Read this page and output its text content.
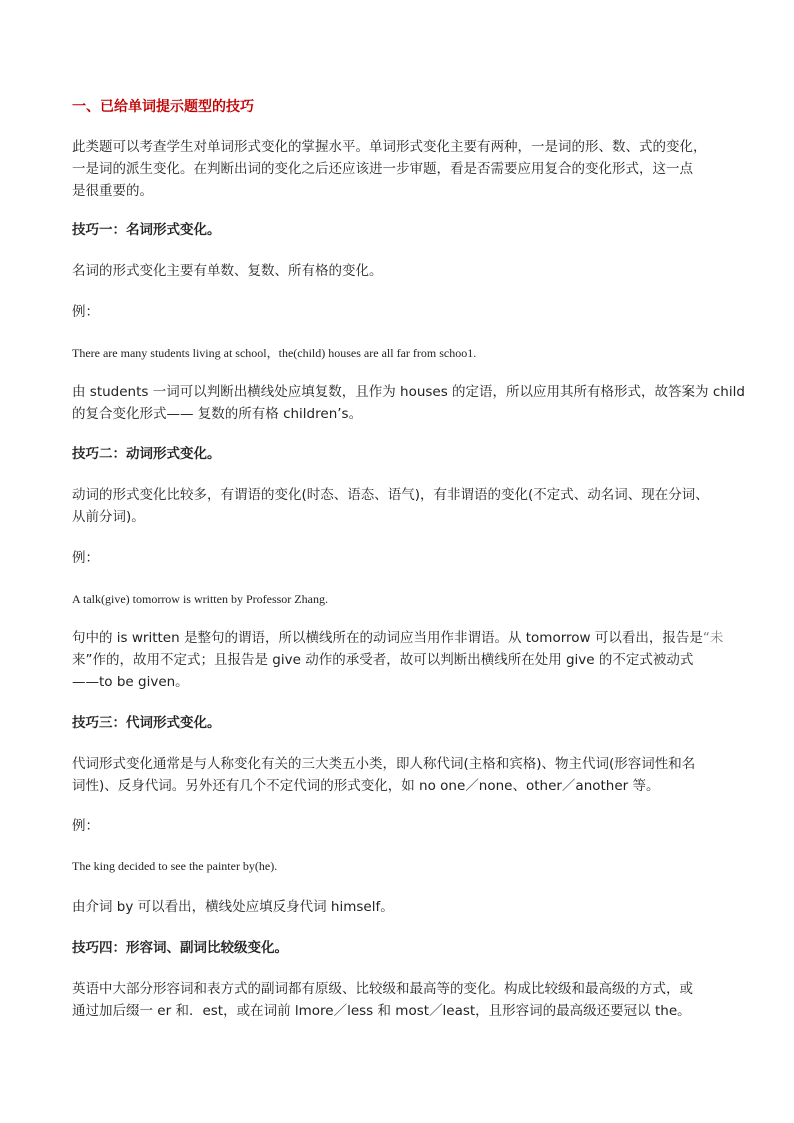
一、已给单词提示题型的技巧
此类题可以考查学生对单词形式变化的掌握水平。单词形式变化主要有两种，一是词的形、数、式的变化，
一是词的派生变化。在判断出词的变化之后还应该进一步审题，看是否需要应用复合的变化形式，这一点
是很重要的。
技巧一：名词形式变化。
名词的形式变化主要有单数、复数、所有格的变化。
例：
There are many students living at school，the(child) houses are all far from schoo1.
由 students 一词可以判断出横线处应填复数，且作为 houses 的定语，所以应用其所有格形式，故答案为 child
的复合变化形式—— 复数的所有格 children’s。
技巧二：动词形式变化。
动词的形式变化比较多，有谓语的变化(时态、语态、语气)，有非谓语的变化(不定式、动名词、现在分词、
从前分词)。
例：
A talk(give) tomorrow is written by Professor Zhang.
句中的 is written 是整句的谓语，所以横线所在的动词应当用作非谓语。从 tomorrow 可以看出，报告是“未
来”作的，故用不定式；且报告是 give 动作的承受者，故可以判断出横线所在处用 give 的不定式被动式
——to be given。
技巧三：代词形式变化。
代词形式变化通常是与人称变化有关的三大类五小类，即人称代词(主格和宾格)、物主代词(形容词性和名
词性)、反身代词。另外还有几个不定代词的形式变化，如 no one／none、other／another 等。
例：
The king decided to see the painter by(he).
由介词 by 可以看出，横线处应填反身代词 himself。
技巧四：形容词、副词比较级变化。
英语中大部分形容词和表方式的副词都有原级、比较级和最高等的变化。构成比较级和最高级的方式，或
通过加后缀一 er 和．est，或在词前 lmore／less 和 most／least，且形容词的最高级还要冠以 the。
